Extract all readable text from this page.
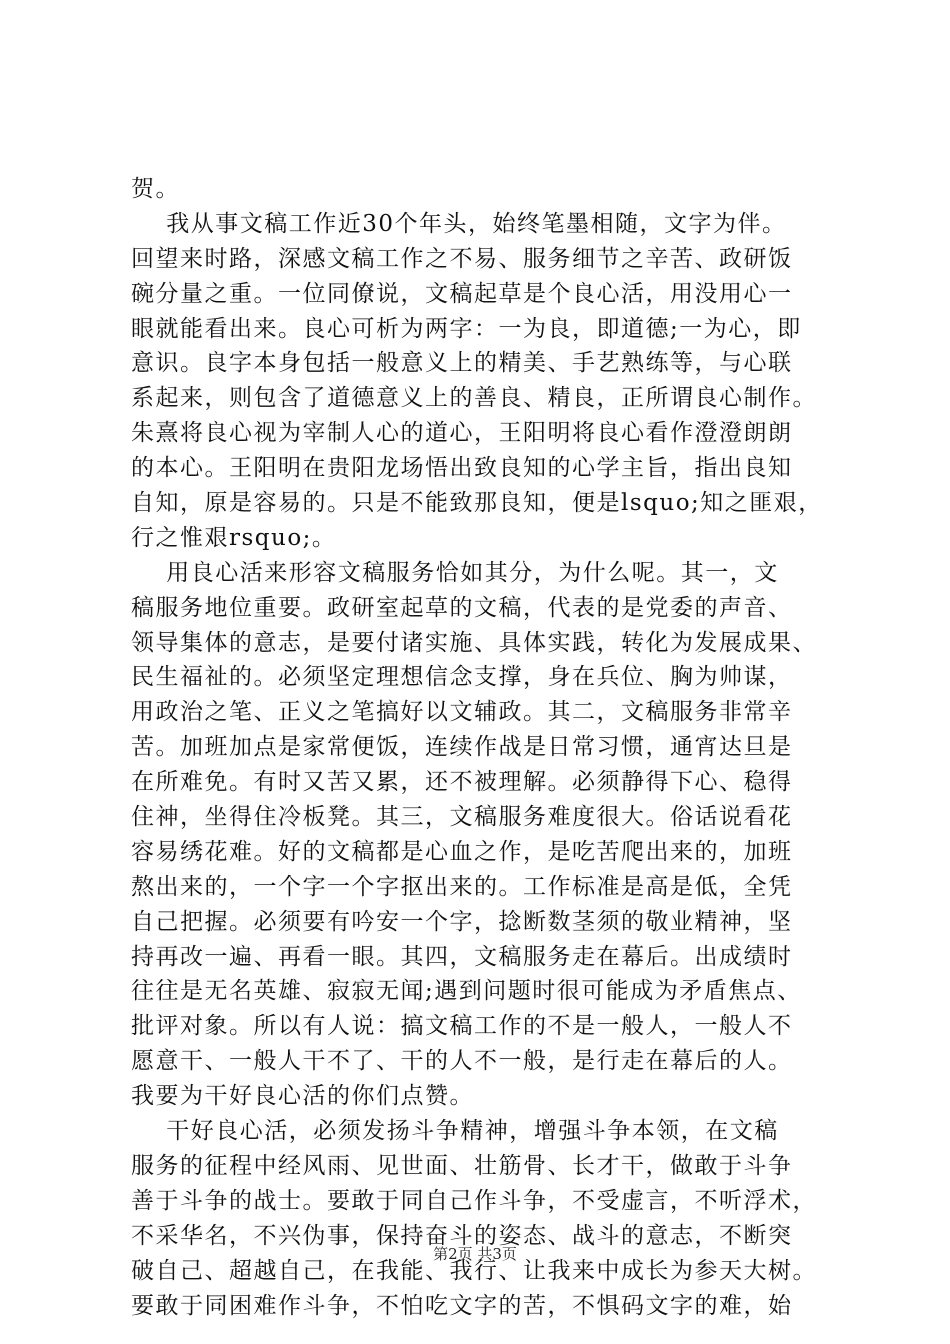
贺。
我从事文稿工作近30个年头，始终笔墨相随，文字为伴。
回望来时路，深感文稿工作之不易、服务细节之辛苦、政研饭
碗分量之重。一位同僚说，文稿起草是个良心活，用没用心一
眼就能看出来。良心可析为两字：一为良，即道德;一为心，即
意识。良字本身包括一般意义上的精美、手艺熟练等，与心联
系起来，则包含了道德意义上的善良、精良，正所谓良心制作。
朱熹将良心视为宰制人心的道心，王阳明将良心看作澄澄朗朗
的本心。王阳明在贵阳龙场悟出致良知的心学主旨，指出良知
自知，原是容易的。只是不能致那良知，便是lsquo;知之匪艰，
行之惟艰rsquo;。
用良心活来形容文稿服务恰如其分，为什么呢。其一，文
稿服务地位重要。政研室起草的文稿，代表的是党委的声音、
领导集体的意志，是要付诸实施、具体实践，转化为发展成果、
民生福祉的。必须坚定理想信念支撑，身在兵位、胸为帅谋，
用政治之笔、正义之笔搞好以文辅政。其二，文稿服务非常辛
苦。加班加点是家常便饭，连续作战是日常习惯，通宵达旦是
在所难免。有时又苦又累，还不被理解。必须静得下心、稳得
住神，坐得住冷板凳。其三，文稿服务难度很大。俗话说看花
容易绣花难。好的文稿都是心血之作，是吃苦爬出来的，加班
熬出来的，一个字一个字抠出来的。工作标准是高是低，全凭
自己把握。必须要有吟安一个字，捻断数茎须的敬业精神，坚
持再改一遍、再看一眼。其四，文稿服务走在幕后。出成绩时
往往是无名英雄、寂寂无闻;遇到问题时很可能成为矛盾焦点、
批评对象。所以有人说：搞文稿工作的不是一般人，一般人不
愿意干、一般人干不了、干的人不一般，是行走在幕后的人。
我要为干好良心活的你们点赞。
干好良心活，必须发扬斗争精神，增强斗争本领，在文稿
服务的征程中经风雨、见世面、壮筋骨、长才干，做敢于斗争
善于斗争的战士。要敢于同自己作斗争，不受虚言，不听浮术，
不采华名，不兴伪事，保持奋斗的姿态、战斗的意志，不断突
破自己、超越自己，在我能、我行、让我来中成长为参天大树。
要敢于同困难作斗争，不怕吃文字的苦，不惧码文字的难，始
第2页 共3页
